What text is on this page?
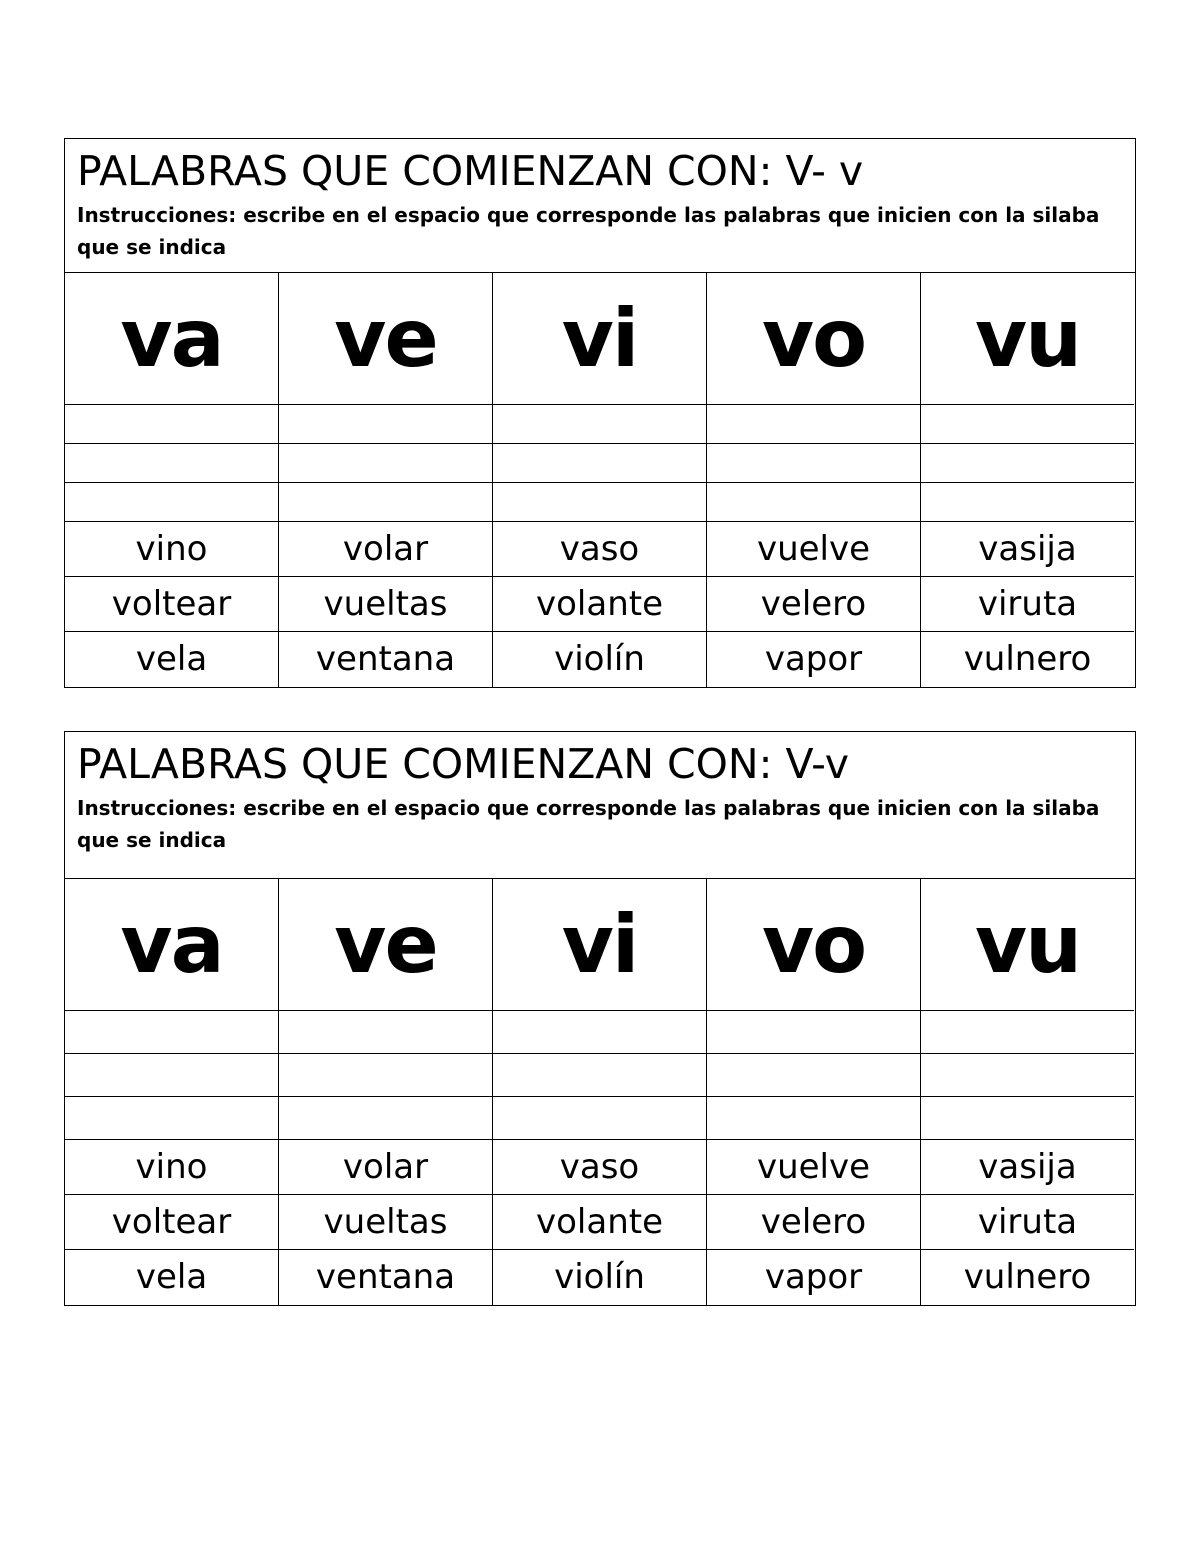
PALABRAS QUE COMIENZAN CON: V- v
Instrucciones: escribe en el espacio que corresponde las palabras que inicien con la silaba que se indica
va	ve	vi	vo	vu
vino	volar	vaso	vuelve	vasija
voltear	vueltas	volante	velero	viruta
vela	ventana	violín	vapor	vulnero
PALABRAS QUE COMIENZAN CON: V-v
Instrucciones: escribe en el espacio que corresponde las palabras que inicien con la silaba que se indica
va	ve	vi	vo	vu
vino	volar	vaso	vuelve	vasija
voltear	vueltas	volante	velero	viruta
vela	ventana	violín	vapor	vulnero
